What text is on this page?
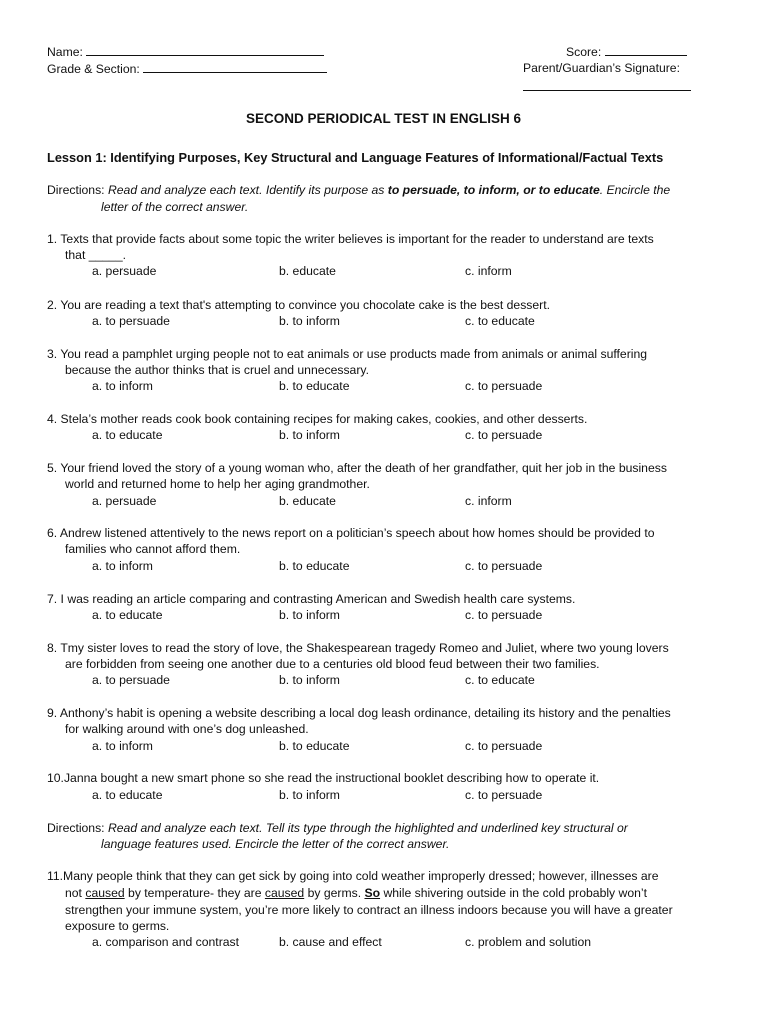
Name:
Grade & Section:
Score:
Parent/Guardian’s Signature:
SECOND PERIODICAL TEST IN ENGLISH 6
Lesson 1: Identifying Purposes, Key Structural and Language Features of Informational/Factual Texts
Directions: Read and analyze each text. Identify its purpose as to persuade, to inform, or to educate. Encircle the
letter of the correct answer.
1. Texts that provide facts about some topic the writer believes is important for the reader to understand are texts
that _____.
a. persuade	b. educate	c. inform
2. You are reading a text that's attempting to convince you chocolate cake is the best dessert.
a. to persuade	b. to inform	c. to educate
3. You read a pamphlet urging people not to eat animals or use products made from animals or animal suffering
because the author thinks that is cruel and unnecessary.
a. to inform	b. to educate	c. to persuade
4. Stela’s mother reads cook book containing recipes for making cakes, cookies, and other desserts.
a. to educate	b. to inform	c. to persuade
5. Your friend loved the story of a young woman who, after the death of her grandfather, quit her job in the business
world and returned home to help her aging grandmother.
a. persuade	b. educate	c. inform
6. Andrew listened attentively to the news report on a politician’s speech about how homes should be provided to
families who cannot afford them.
a. to inform	b. to educate	c. to persuade
7. I was reading an article comparing and contrasting American and Swedish health care systems.
a. to educate	b. to inform	c. to persuade
8. Tmy sister loves to read the story of love, the Shakespearean tragedy Romeo and Juliet, where two young lovers
are forbidden from seeing one another due to a centuries old blood feud between their two families.
a. to persuade	b. to inform	c. to educate
9. Anthony’s habit is opening a website describing a local dog leash ordinance, detailing its history and the penalties
for walking around with one’s dog unleashed.
a. to inform	b. to educate	c. to persuade
10.Janna bought a new smart phone so she read the instructional booklet describing how to operate it.
a. to educate	b. to inform	c. to persuade
Directions: Read and analyze each text. Tell its type through the highlighted and underlined key structural or
language features used. Encircle the letter of the correct answer.
11.Many people think that they can get sick by going into cold weather improperly dressed; however, illnesses are
not caused by temperature- they are caused by germs. So while shivering outside in the cold probably won’t
strengthen your immune system, you’re more likely to contract an illness indoors because you will have a greater
exposure to germs.
a. comparison and contrast	b. cause and effect	c. problem and solution
